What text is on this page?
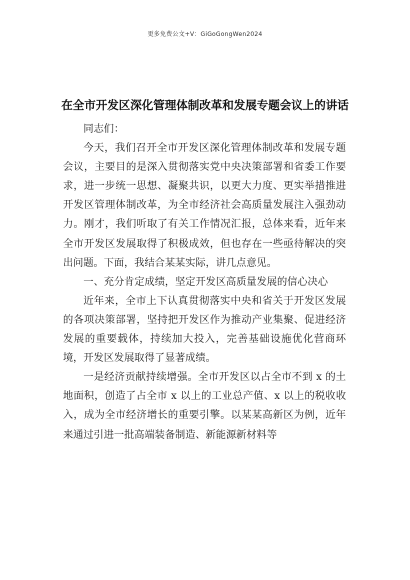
更多免费公文+V：GiGoGongWen2024
在全市开发区深化管理体制改革和发展专题会议上的讲话

同志们：

今天，我们召开全市开发区深化管理体制改革和发展专题会议，主要目的是深入贯彻落实党中央决策部署和省委工作要求，进一步统一思想、凝聚共识，以更大力度、更实举措推进开发区管理体制改革，为全市经济社会高质量发展注入强劲动力。刚才，我们听取了有关工作情况汇报，总体来看，近年来全市开发区发展取得了积极成效，但也存在一些亟待解决的突出问题。下面，我结合某某实际，讲几点意见。

一、充分肯定成绩，坚定开发区高质量发展的信心决心

近年来，全市上下认真贯彻落实中央和省关于开发区发展的各项决策部署，坚持把开发区作为推动产业集聚、促进经济发展的重要载体，持续加大投入，完善基础设施优化营商环境，开发区发展取得了显著成绩。

一是经济贡献持续增强。全市开发区以占全市不到 x 的土地面积，创造了占全市 x 以上的工业总产值、x 以上的税收收入，成为全市经济增长的重要引擎。以某某高新区为例，近年来通过引进一批高端装备制造、新能源新材料等
